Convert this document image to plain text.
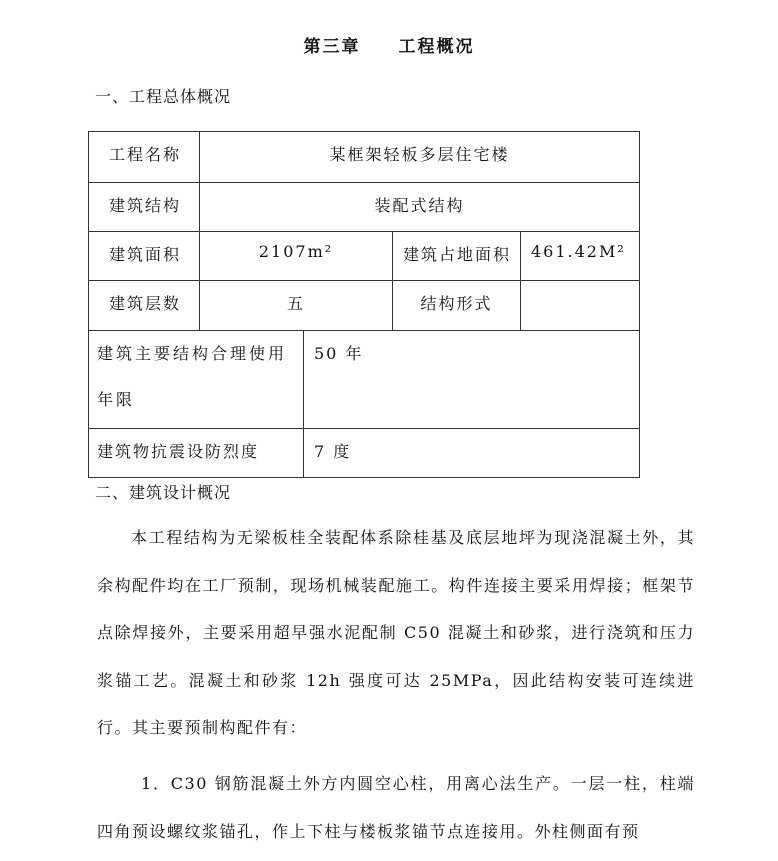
第三章　　工程概况
一、工程总体概况
工程名称	某框架轻板多层住宅楼			

建筑结构	装配式结构			

建筑面积	2107m²		建筑占地面积	461.42M²

建筑层数	五		结构形式	

建筑主要结构合理使用年限		50 年		

建筑物抗震设防烈度		7 度		
二、建筑设计概况

本工程结构为无梁板桂全装配体系除桂基及底层地坪为现浇混凝土外，其余构配件均在工厂预制，现场机械装配施工。构件连接主要采用焊接；框架节点除焊接外，主要采用超早强水泥配制 C50 混凝土和砂浆，进行浇筑和压力浆锚工艺。混凝土和砂浆 12h 强度可达 25MPa，因此结构安装可连续进行。其主要预制构配件有：

1．C30 钢筋混凝土外方内圆空心柱，用离心法生产。一层一柱，柱端四角预设螺纹浆锚孔，作上下柱与楼板浆锚节点连接用。外柱侧面有预
